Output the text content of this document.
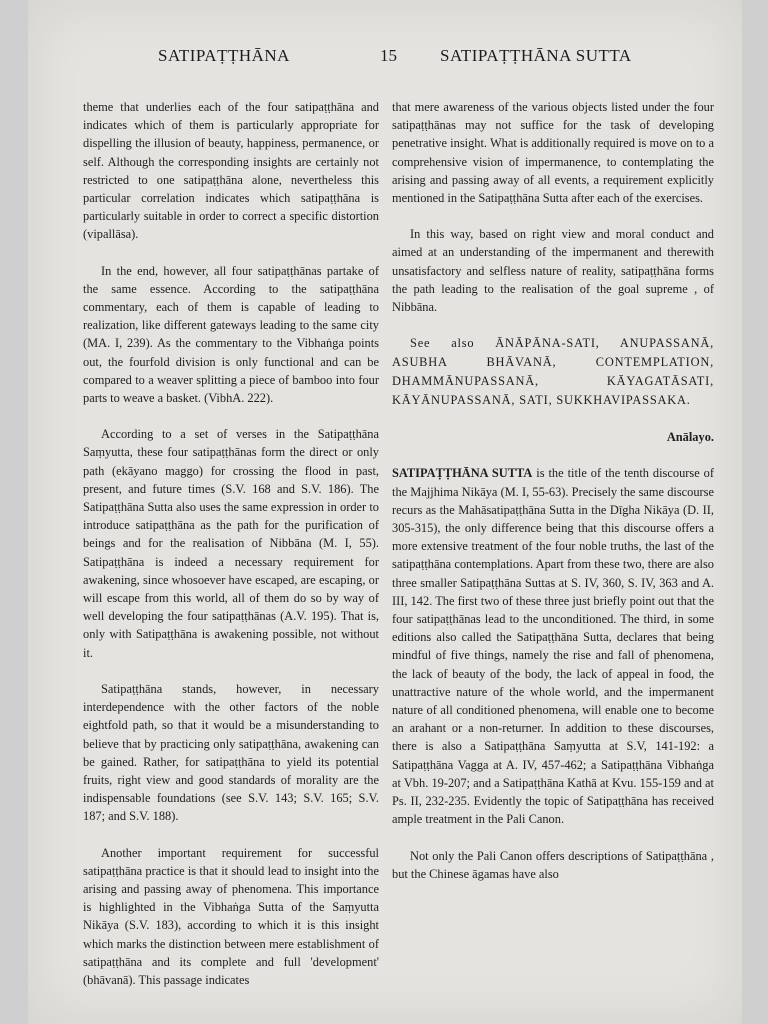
SATIPAṬṬHĀNA	15	SATIPAṬṬHĀNA SUTTA

theme that underlies each of the four satipaṭṭhāna and indicates which of them is particularly appropriate for dispelling the illusion of beauty, happiness, permanence, or self. Although the corresponding insights are certainly not restricted to one satipaṭṭhāna alone, nevertheless this particular correlation indicates which satipaṭṭhāna is particularly suitable in order to correct a specific distortion (vipallāsa).

In the end, however, all four satipaṭṭhānas partake of the same essence. According to the satipaṭṭhāna commentary, each of them is capable of leading to realization, like different gateways leading to the same city (MA. I, 239). As the commentary to the Vibhaṅga points out, the fourfold division is only functional and can be compared to a weaver splitting a piece of bamboo into four parts to weave a basket. (VibhA. 222).

According to a set of verses in the Satipaṭṭhāna Saṃyutta, these four satipaṭṭhānas form the direct or only path (ekāyano maggo) for crossing the flood in past, present, and future times (S.V. 168 and S.V. 186). The Satipaṭṭhāna Sutta also uses the same expression in order to introduce satipaṭṭhāna as the path for the purification of beings and for the realisation of Nibbāna (M. I, 55). Satipaṭṭhāna is indeed a necessary requirement for awakening, since whosoever have escaped, are escaping, or will escape from this world, all of them do so by way of well developing the four satipaṭṭhānas (A.V. 195). That is, only with Satipaṭṭhāna is awakening possible, not without it.

Satipaṭṭhāna stands, however, in necessary interdependence with the other factors of the noble eightfold path, so that it would be a misunderstanding to believe that by practicing only satipaṭṭhāna, awakening can be gained. Rather, for satipaṭṭhāna to yield its potential fruits, right view and good standards of morality are the indispensable foundations (see S.V. 143; S.V. 165; S.V. 187; and S.V. 188).

Another important requirement for successful satipaṭṭhāna practice is that it should lead to insight into the arising and passing away of phenomena. This importance is highlighted in the Vibhaṅga Sutta of the Saṃyutta Nikāya (S.V. 183), according to which it is this insight which marks the distinction between mere establishment of satipaṭṭhāna and its complete and full 'development' (bhāvanā). This passage indicates

that mere awareness of the various objects listed under the four satipaṭṭhānas may not suffice for the task of developing penetrative insight. What is additionally required is move on to a comprehensive vision of impermanence, to contemplating the arising and passing away of all events, a requirement explicitly mentioned in the Satipaṭṭhāna Sutta after each of the exercises.

In this way, based on right view and moral conduct and aimed at an understanding of the impermanent and therewith unsatisfactory and selfless nature of reality, satipaṭṭhāna forms the path leading to the realisation of the goal supreme , of Nibbāna.

See also ĀNĀPĀNA-SATI, ANUPASSANĀ, ASUBHA BHĀVANĀ, CONTEMPLATION, DHAMMĀNUPASSANĀ, KĀYAGATĀSATI, KĀYĀNUPASSANĀ, SATI, SUKKHAVIPASSAKA.

Anālayo.

SATIPAṬṬHĀNA SUTTA is the title of the tenth discourse of the Majjhima Nikāya (M. I, 55-63). Precisely the same discourse recurs as the Mahāsatipaṭṭhāna Sutta in the Dīgha Nikāya (D. II, 305-315), the only difference being that this discourse offers a more extensive treatment of the four noble truths, the last of the satipaṭṭhāna contemplations. Apart from these two, there are also three smaller Satipaṭṭhāna Suttas at S. IV, 360, S. IV, 363 and A. III, 142. The first two of these three just briefly point out that the four satipaṭṭhānas lead to the unconditioned. The third, in some editions also called the Satipaṭṭhāna Sutta, declares that being mindful of five things, namely the rise and fall of phenomena, the lack of beauty of the body, the lack of appeal in food, the unattractive nature of the whole world, and the impermanent nature of all conditioned phenomena, will enable one to become an arahant or a non-returner. In addition to these discourses, there is also a Satipaṭṭhāna Saṃyutta at S.V, 141-192: a Satipaṭṭhāna Vagga at A. IV, 457-462; a Satipaṭṭhāna Vibhaṅga at Vbh. 19-207; and a Satipaṭṭhāna Kathā at Kvu. 155-159 and at Ps. II, 232-235. Evidently the topic of Satipaṭṭhāna has received ample treatment in the Pali Canon.

Not only the Pali Canon offers descriptions of Satipaṭṭhāna , but the Chinese āgamas have also
